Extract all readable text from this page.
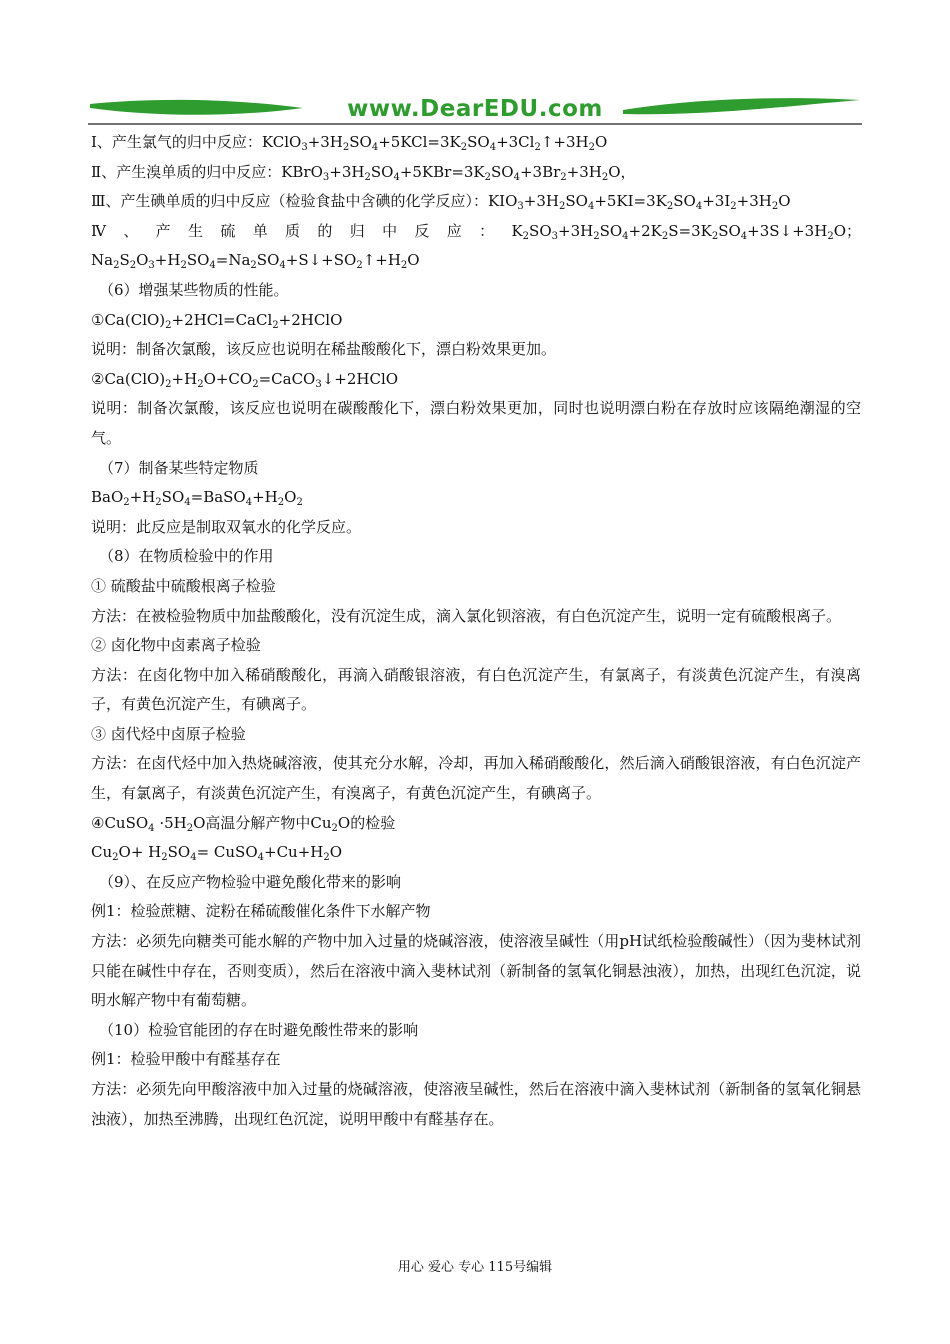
www.DearEDU.com

Ⅰ、产生氯气的归中反应：$KClO_3+3H_2SO_4+5KCl=3K_2SO_4+3Cl_2↑+3H_2O$

Ⅱ、产生溴单质的归中反应：$KBrO_3+3H_2SO_4+5KBr=3K_2SO_4+3Br_2+3H_2O$，

Ⅲ、产生碘单质的归中反应（检验食盐中含碘的化学反应）：$KIO_3+3H_2SO_4+5KI=3K_2SO_4+3I_2+3H_2O$

Ⅳ、产生硫单质的归中反应：$K_2SO_3+3H_2SO_4+2K_2S=3K_2SO_4+3S↓+3H_2O$；$Na_2S_2O_3+H_2SO_4=Na_2SO_4+S↓+SO_2↑+H_2O$

（6）增强某些物质的性能。

$①Ca(ClO)_2+2HCl=CaCl_2+2HClO$

说明：制备次氯酸，该反应也说明在稀盐酸酸化下，漂白粉效果更加。

$②Ca(ClO)_2+H_2O+CO_2=CaCO_3↓+2HClO$

说明：制备次氯酸，该反应也说明在碳酸酸化下，漂白粉效果更加，同时也说明漂白粉在存放时应该隔绝潮湿的空气。

（7）制备某些特定物质

$BaO_2+H_2SO_4=BaSO_4+H_2O_2$

说明：此反应是制取双氧水的化学反应。

（8）在物质检验中的作用

① 硫酸盐中硫酸根离子检验

方法：在被检验物质中加盐酸酸化，没有沉淀生成，滴入氯化钡溶液，有白色沉淀产生，说明一定有硫酸根离子。

② 卤化物中卤素离子检验

方法：在卤化物中加入稀硝酸酸化，再滴入硝酸银溶液，有白色沉淀产生，有氯离子，有淡黄色沉淀产生，有溴离子，有黄色沉淀产生，有碘离子。

③ 卤代烃中卤原子检验

方法：在卤代烃中加入热烧碱溶液，使其充分水解，冷却，再加入稀硝酸酸化，然后滴入硝酸银溶液，有白色沉淀产生，有氯离子，有淡黄色沉淀产生，有溴离子，有黄色沉淀产生，有碘离子。

④CuSO$_4$ $\cdot 5H_2O$高温分解产物中$Cu_2O$的检验

$Cu_2O+ H_2SO_4=$ $CuSO_4+Cu+H_2O$

（9）、在反应产物检验中避免酸化带来的影响

例1：检验蔗糖、淀粉在稀硫酸催化条件下水解产物

方法：必须先向糖类可能水解的产物中加入过量的烧碱溶液，使溶液呈碱性（用pH试纸检验酸碱性）（因为斐林试剂只能在碱性中存在，否则变质），然后在溶液中滴入斐林试剂（新制备的氢氧化铜悬浊液），加热，出现红色沉淀，说明水解产物中有葡萄糖。

（10）检验官能团的存在时避免酸性带来的影响

例1：检验甲酸中有醛基存在

方法：必须先向甲酸溶液中加入过量的烧碱溶液，使溶液呈碱性，然后在溶液中滴入斐林试剂（新制备的氢氧化铜悬浊液），加热至沸腾，出现红色沉淀，说明甲酸中有醛基存在。

用心 爱心 专心 115号编辑
